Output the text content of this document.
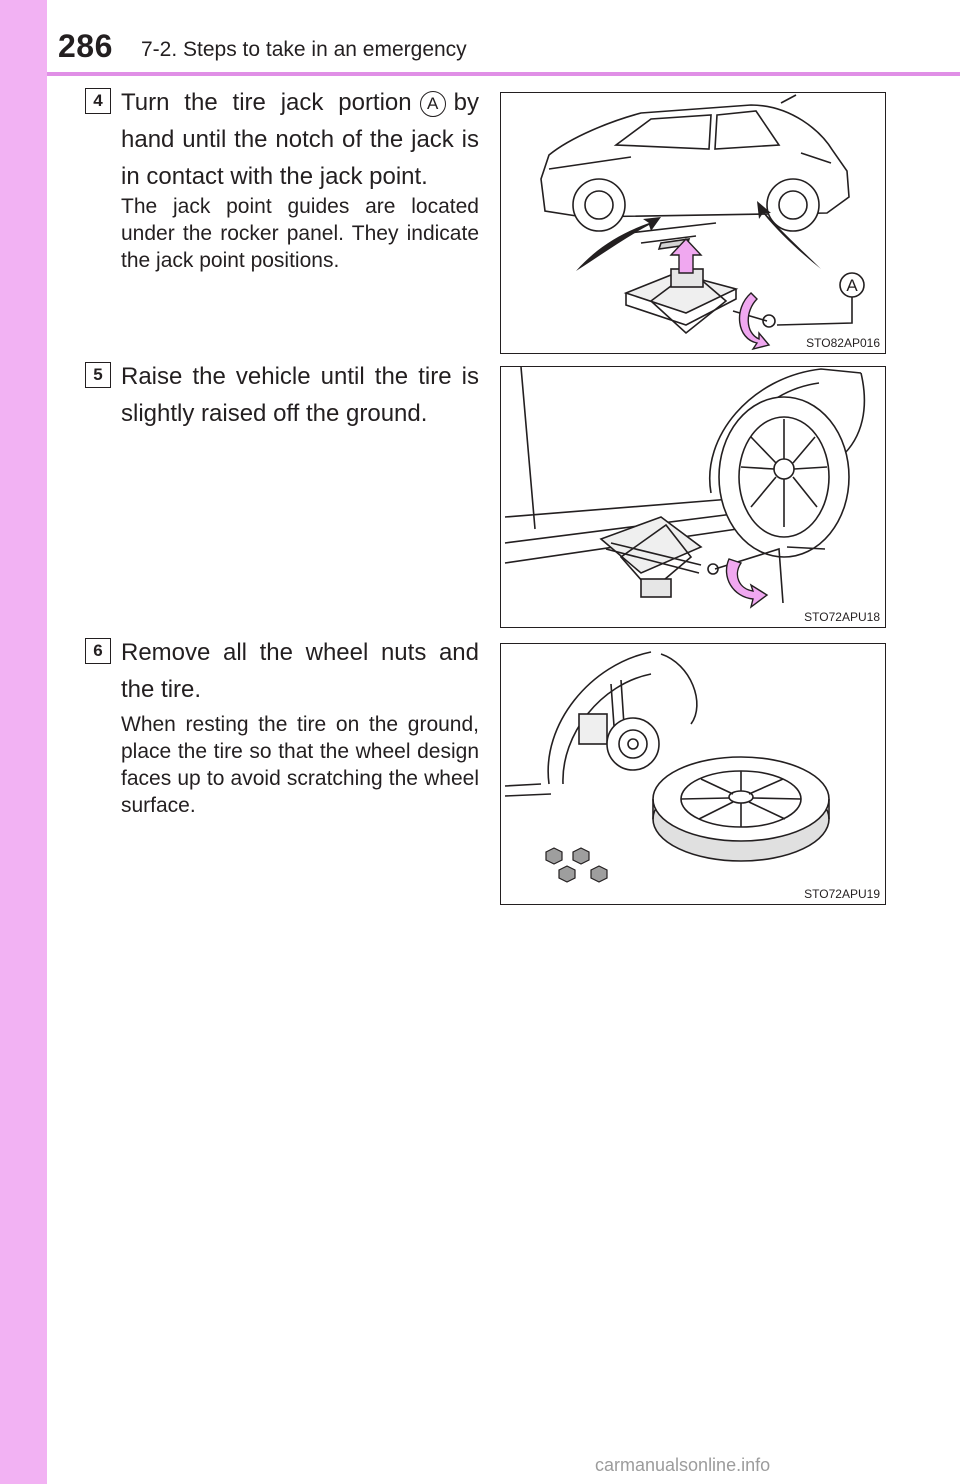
286 7-2. Steps to take in an emergency
4 Turn the tire jack portion A by hand until the notch of the jack is in contact with the jack point.

The jack point guides are located under the rocker panel. They indicate the jack point positions.

A
STO82AP016
5 Raise the vehicle until the tire is slightly raised off the ground.

STO72APU18
6 Remove all the wheel nuts and the tire.

When resting the tire on the ground, place the tire so that the wheel design faces up to avoid scratching the wheel surface.

STO72APU19
carmanualsonline.info
